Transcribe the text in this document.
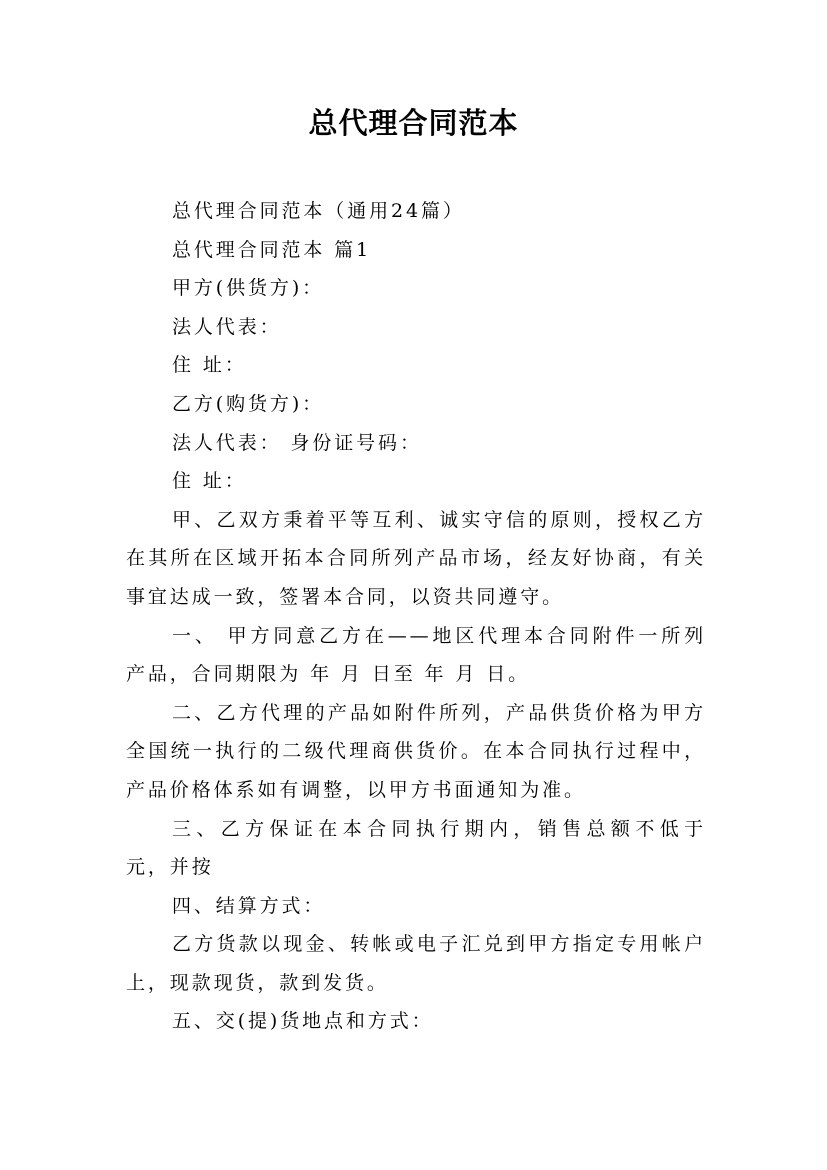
总代理合同范本

总代理合同范本（通用24篇）

总代理合同范本 篇1

甲方(供货方)：

法人代表：

住 址：

乙方(购货方)：

法人代表： 身份证号码：

住 址：

甲、乙双方秉着平等互利、诚实守信的原则，授权乙方在其所在区域开拓本合同所列产品市场，经友好协商，有关事宜达成一致，签署本合同，以资共同遵守。

一、 甲方同意乙方在——地区代理本合同附件一所列产品，合同期限为 年 月 日至 年 月 日。

二、乙方代理的产品如附件所列，产品供货价格为甲方全国统一执行的二级代理商供货价。在本合同执行过程中，产品价格体系如有调整，以甲方书面通知为准。

三、乙方保证在本合同执行期内，销售总额不低于 元，并按

四、结算方式：

乙方货款以现金、转帐或电子汇兑到甲方指定专用帐户上，现款现货，款到发货。

五、交(提)货地点和方式：
